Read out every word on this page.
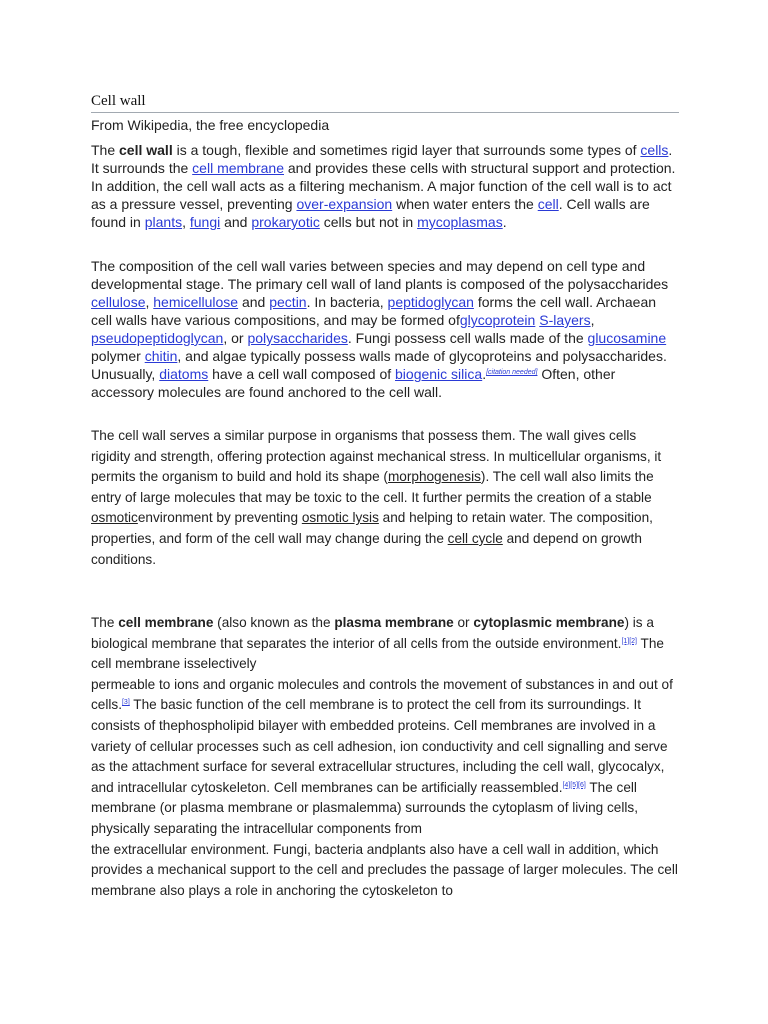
Cell wall
From Wikipedia, the free encyclopedia

The cell wall is a tough, flexible and sometimes rigid layer that surrounds some types of cells. It surrounds the cell membrane and provides these cells with structural support and protection. In addition, the cell wall acts as a filtering mechanism. A major function of the cell wall is to act as a pressure vessel, preventing over-expansion when water enters the cell. Cell walls are found in plants, fungi and prokaryotic cells but not in mycoplasmas.

The composition of the cell wall varies between species and may depend on cell type and developmental stage. The primary cell wall of land plants is composed of the polysaccharides cellulose, hemicellulose and pectin. In bacteria, peptidoglycan forms the cell wall. Archaean cell walls have various compositions, and may be formed ofglycoprotein S-layers, pseudopeptidoglycan, or polysaccharides. Fungi possess cell walls made of the glucosamine polymer chitin, and algae typically possess walls made of glycoproteins and polysaccharides. Unusually, diatoms have a cell wall composed of biogenic silica.[citation needed] Often, other accessory molecules are found anchored to the cell wall.

The cell wall serves a similar purpose in organisms that possess them. The wall gives cells rigidity and strength, offering protection against mechanical stress. In multicellular organisms, it permits the organism to build and hold its shape (morphogenesis). The cell wall also limits the entry of large molecules that may be toxic to the cell. It further permits the creation of a stable osmoticenvironment by preventing osmotic lysis and helping to retain water. The composition, properties, and form of the cell wall may change during the cell cycle and depend on growth conditions.

The cell membrane (also known as the plasma membrane or cytoplasmic membrane) is a biological membrane that separates the interior of all cells from the outside environment.[1][2] The cell membrane isselectively
permeable to ions and organic molecules and controls the movement of substances in and out of cells.[3] The basic function of the cell membrane is to protect the cell from its surroundings. It consists of thephospholipid bilayer with embedded proteins. Cell membranes are involved in a variety of cellular processes such as cell adhesion, ion conductivity and cell signalling and serve as the attachment surface for several extracellular structures, including the cell wall, glycocalyx, and intracellular cytoskeleton. Cell membranes can be artificially reassembled.[4][5][6] The cell membrane (or plasma membrane or plasmalemma) surrounds the cytoplasm of living cells, physically separating the intracellular components from
the extracellular environment. Fungi, bacteria andplants also have a cell wall in addition, which provides a mechanical support to the cell and precludes the passage of larger molecules. The cell membrane also plays a role in anchoring the cytoskeleton to
